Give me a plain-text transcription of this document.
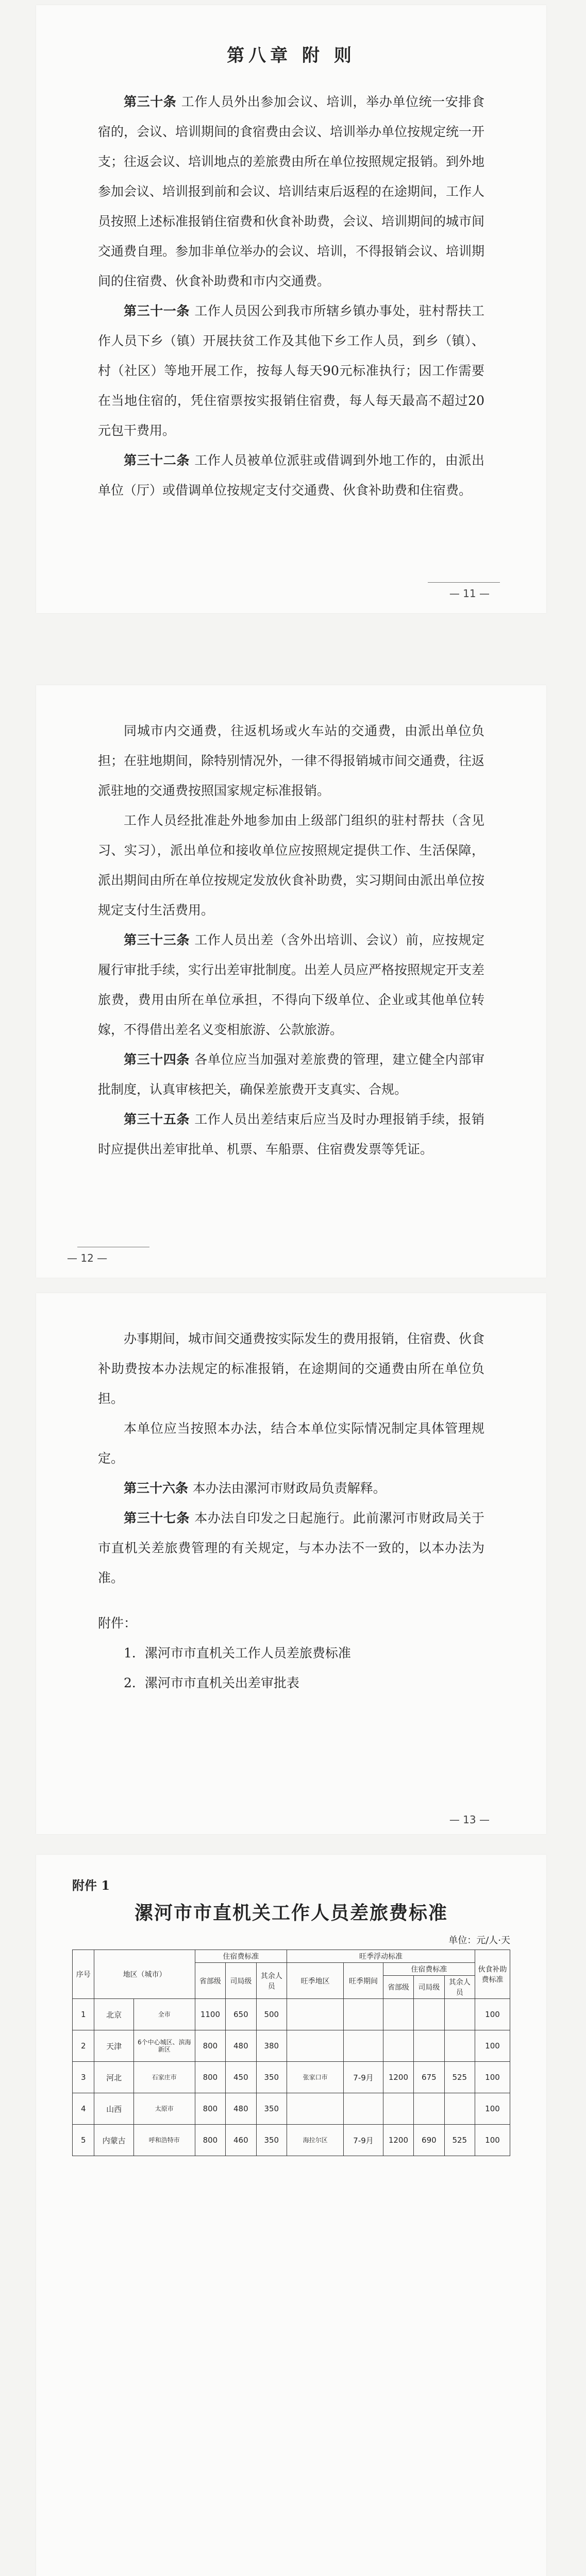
第八章 附 则

第三十条 工作人员外出参加会议、培训，举办单位统一安排食宿的，会议、培训期间的食宿费由会议、培训举办单位按规定统一开支；往返会议、培训地点的差旅费由所在单位按照规定报销。到外地参加会议、培训报到前和会议、培训结束后返程的在途期间，工作人员按照上述标准报销住宿费和伙食补助费，会议、培训期间的城市间交通费自理。参加非单位举办的会议、培训，不得报销会议、培训期间的住宿费、伙食补助费和市内交通费。

第三十一条 工作人员因公到我市所辖乡镇办事处，驻村帮扶工作人员下乡（镇）开展扶贫工作及其他下乡工作人员，到乡（镇）、村（社区）等地开展工作，按每人每天90元标准执行；因工作需要在当地住宿的，凭住宿票按实报销住宿费，每人每天最高不超过20元包干费用。

第三十二条 工作人员被单位派驻或借调到外地工作的，由派出单位（厅）或借调单位按规定支付交通费、伙食补助费和住宿费。

— 11 —

同城市内交通费，往返机场或火车站的交通费，由派出单位负担；在驻地期间，除特别情况外，一律不得报销城市间交通费，往返派驻地的交通费按照国家规定标准报销。

工作人员经批准赴外地参加由上级部门组织的驻村帮扶（含见习、实习），派出单位和接收单位应按照规定提供工作、生活保障，派出期间由所在单位按规定发放伙食补助费，实习期间由派出单位按规定支付生活费用。

第三十三条 工作人员出差（含外出培训、会议）前，应按规定履行审批手续，实行出差审批制度。出差人员应严格按照规定开支差旅费，费用由所在单位承担，不得向下级单位、企业或其他单位转嫁，不得借出差名义变相旅游、公款旅游。

第三十四条 各单位应当加强对差旅费的管理，建立健全内部审批制度，认真审核把关，确保差旅费开支真实、合规。

第三十五条 工作人员出差结束后应当及时办理报销手续，报销时应提供出差审批单、机票、车船票、住宿费发票等凭证。

— 12 —

办事期间，城市间交通费按实际发生的费用报销，住宿费、伙食补助费按本办法规定的标准报销，在途期间的交通费由所在单位负担。

本单位应当按照本办法，结合本单位实际情况制定具体管理规定。

第三十六条 本办法由漯河市财政局负责解释。

第三十七条 本办法自印发之日起施行。此前漯河市财政局关于市直机关差旅费管理的有关规定，与本办法不一致的，以本办法为准。

附件：
1．漯河市市直机关工作人员差旅费标准
2．漯河市市直机关出差审批表
— 13 —
附件 1
漯河市市直机关工作人员差旅费标准
单位：元/人·天
序号	地区（城市）		住宿费标准			旺季浮动标准					伙食补助费标准
			省部级	司局级	其余人员	旺季地区	旺季期间	住宿费标准			
								省部级	司局级	其余人员	
1	北京	全市	1100	650	500						100
2	天津	6个中心城区、滨海新区	800	480	380						100
3	河北	石家庄市	800	450	350	张家口市	7-9月	1200	675	525	100
4	山西	太原市	800	480	350						100
5	内蒙古	呼和浩特市	800	460	350	海拉尔区	7-9月	1200	690	525	100
